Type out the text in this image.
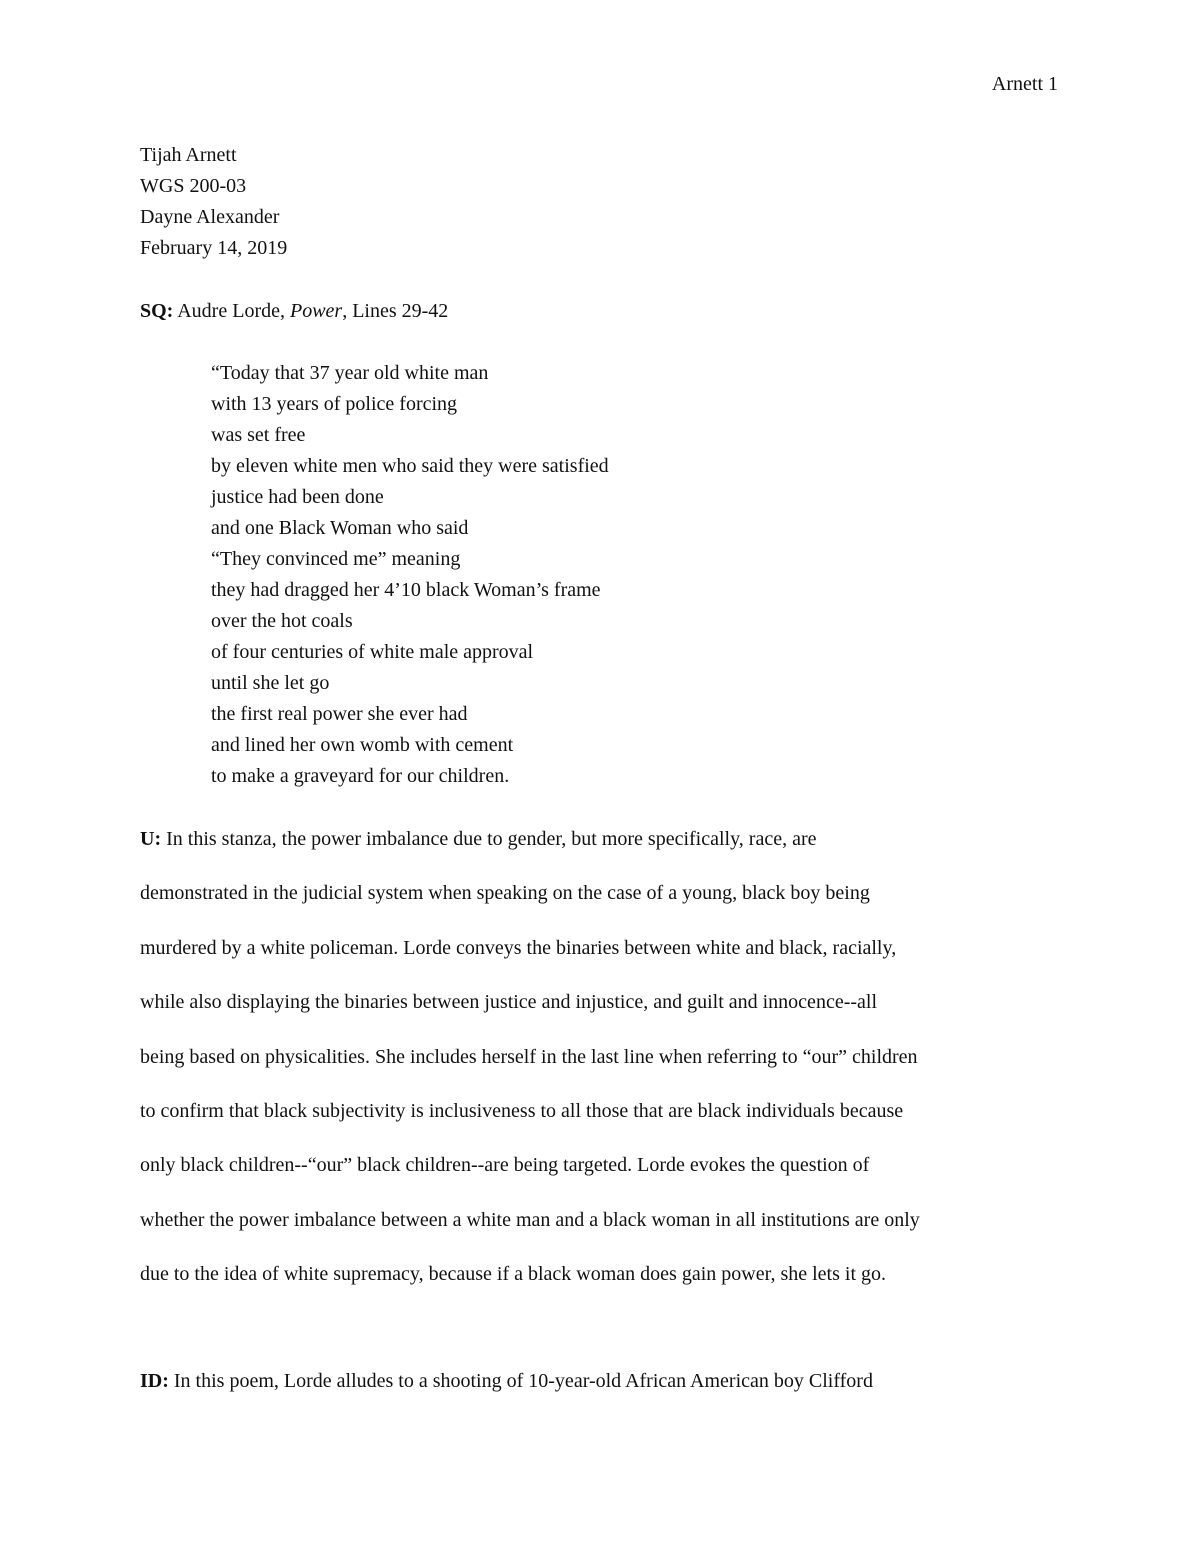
Arnett 1
Tijah Arnett
WGS 200-03
Dayne Alexander
February 14, 2019
SQ: Audre Lorde, Power, Lines 29-42
“Today that 37 year old white man
with 13 years of police forcing
was set free
by eleven white men who said they were satisfied
justice had been done
and one Black Woman who said
“They convinced me” meaning
they had dragged her 4’10 black Woman’s frame
over the hot coals
of four centuries of white male approval
until she let go
the first real power she ever had
and lined her own womb with cement
to make a graveyard for our children.
U: In this stanza, the power imbalance due to gender, but more specifically, race, are
demonstrated in the judicial system when speaking on the case of a young, black boy being
murdered by a white policeman. Lorde conveys the binaries between white and black, racially,
while also displaying the binaries between justice and injustice, and guilt and innocence--all
being based on physicalities. She includes herself in the last line when referring to “our” children
to confirm that black subjectivity is inclusiveness to all those that are black individuals because
only black children--“our” black children--are being targeted. Lorde evokes the question of
whether the power imbalance between a white man and a black woman in all institutions are only
due to the idea of white supremacy, because if a black woman does gain power, she lets it go.
ID: In this poem, Lorde alludes to a shooting of 10-year-old African American boy Clifford
